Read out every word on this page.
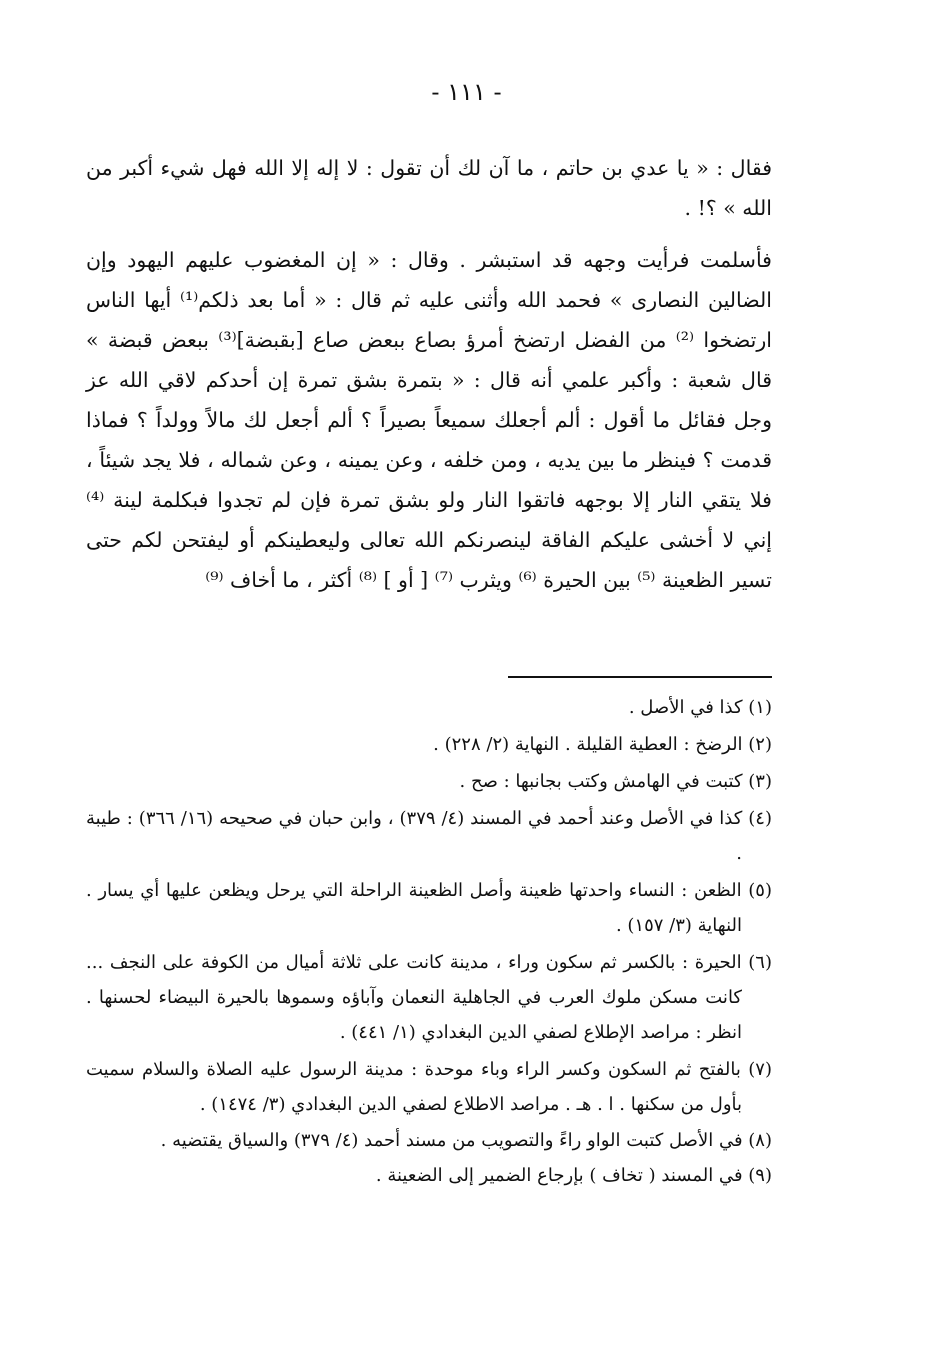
- ١١١ -

فقال : « يا عدي بن حاتم ، ما آن لك أن تقول : لا إله إلا الله فهل شيء أكبر من الله » ؟! .

فأسلمت فرأيت وجهه قد استبشر . وقال : « إن المغضوب عليهم اليهود وإن الضالين النصارى » فحمد الله وأثنى عليه ثم قال : « أما بعد ذلكم⁽¹⁾ أيها الناس ارتضخوا ⁽²⁾ من الفضل ارتضخ أمرؤ بصاع ببعض صاع [بقبضة]⁽³⁾ ببعض قبضة » قال شعبة : وأكبر علمي أنه قال : « بتمرة بشق تمرة إن أحدكم لاقي الله عز وجل فقائل ما أقول : ألم أجعلك سميعاً بصيراً ؟ ألم أجعل لك مالاً وولداً ؟ فماذا قدمت ؟ فينظر ما بين يديه ، ومن خلفه ، وعن يمينه ، وعن شماله ، فلا يجد شيئاً ، فلا يتقي النار إلا بوجهه فاتقوا النار ولو بشق تمرة فإن لم تجدوا فبكلمة لينة ⁽⁴⁾ إني لا أخشى عليكم الفاقة لينصرنكم الله تعالى وليعطينكم أو ليفتحن لكم حتى تسير الظعينة ⁽⁵⁾ بين الحيرة ⁽⁶⁾ ويثرب ⁽⁷⁾ [ أو ] ⁽⁸⁾ أكثر ، ما أخاف ⁽⁹⁾

(١) كذا في الأصل .

(٢) الرضخ : العطية القليلة . النهاية (٢/ ٢٢٨) .

(٣) كتبت في الهامش وكتب بجانبها : صح .

(٤) كذا في الأصل وعند أحمد في المسند (٤/ ٣٧٩) ، وابن حبان في صحيحه (١٦/ ٣٦٦) : طيبة .

(٥) الظعن : النساء واحدتها ظعينة وأصل الظعينة الراحلة التي يرحل ويظعن عليها أي يسار . النهاية (٣/ ١٥٧) .

(٦) الحيرة : بالكسر ثم سكون وراء ، مدينة كانت على ثلاثة أميال من الكوفة على النجف ... كانت مسكن ملوك العرب في الجاهلية النعمان وآباؤه وسموها بالحيرة البيضاء لحسنها . انظر : مراصد الإطلاع لصفي الدين البغدادي (١/ ٤٤١) .

(٧) بالفتح ثم السكون وكسر الراء وباء موحدة : مدينة الرسول عليه الصلاة والسلام سميت بأول من سكنها . ا . هـ . مراصد الاطلاع لصفي الدين البغدادي (٣/ ١٤٧٤) .

(٨) في الأصل كتبت الواو راءً والتصويب من مسند أحمد (٤/ ٣٧٩) والسياق يقتضيه .

(٩) في المسند ( تخاف ) بإرجاع الضمير إلى الضعينة .
